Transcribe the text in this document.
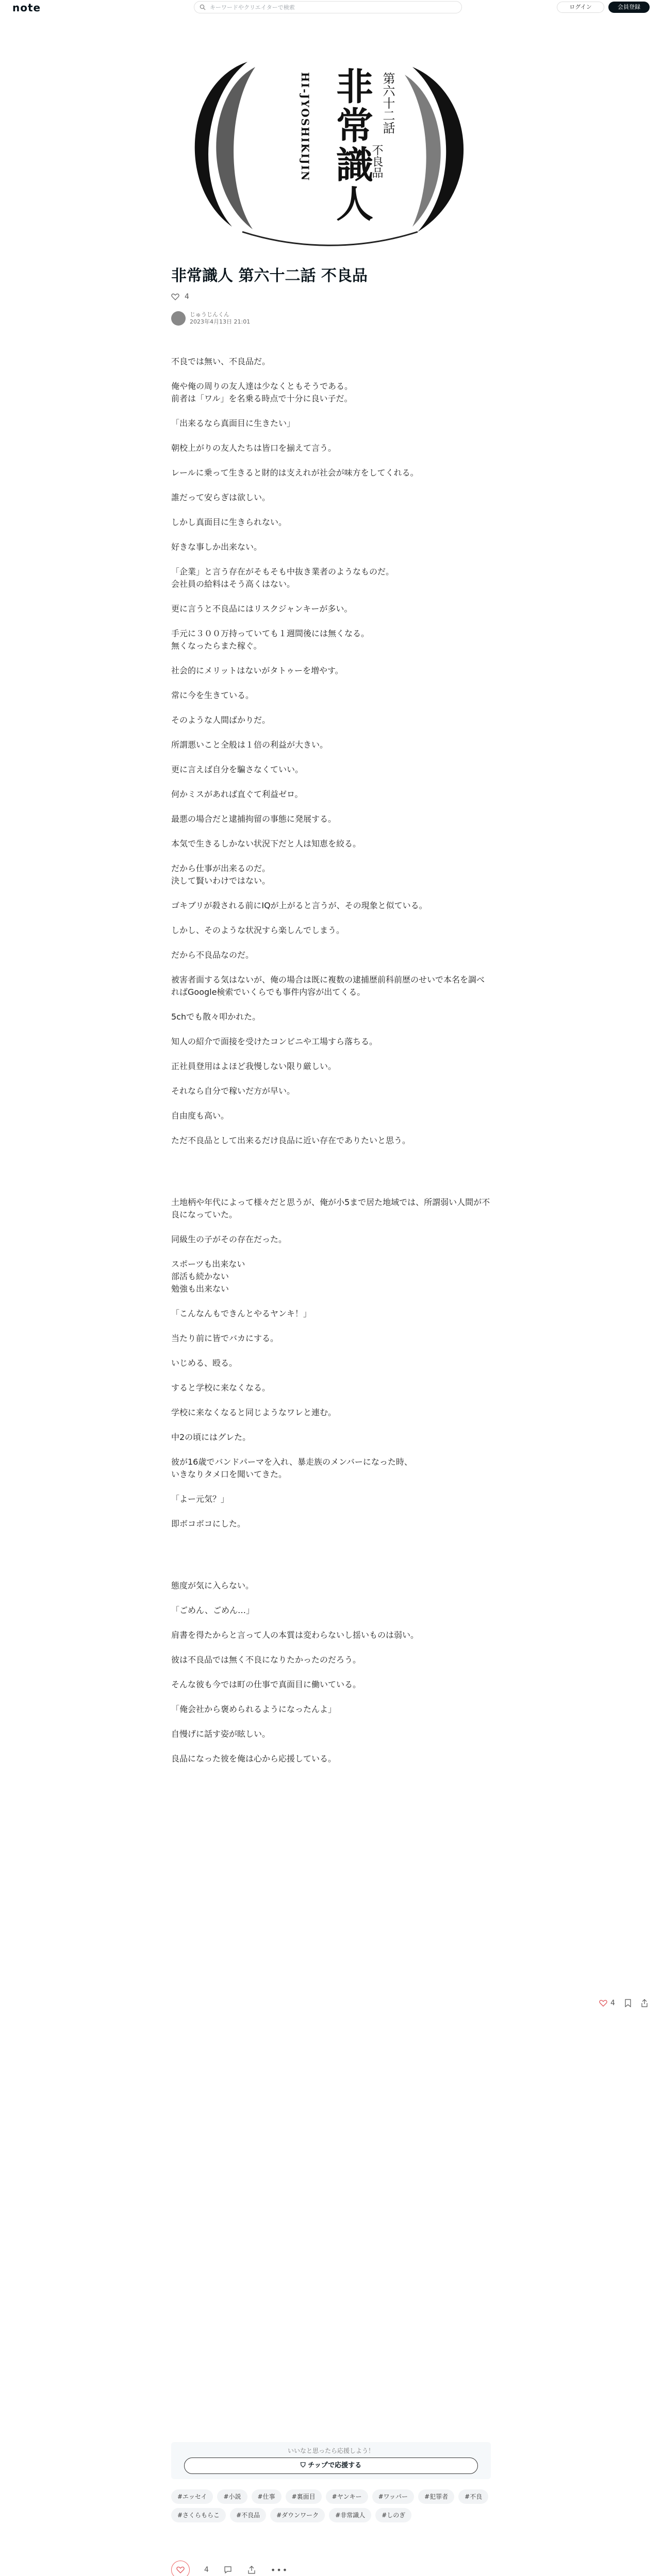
note	キーワードやクリエイターで検索	ログイン	会員登録
非常識人 第六十二話
不良品
HI-JYOSHIKIJIN
非常識人 第六十二話 不良品
4
じゅうじんくん
2023年4月13日 21:01

不良では無い、不良品だ。

俺や俺の周りの友人達は少なくともそうである。
前者は「ワル」を名乗る時点で十分に良い子だ。

「出来るなら真面目に生きたい」

朝校上がりの友人たちは皆口を揃えて言う。

レールに乗って生きると財的は支えれが社会が味方をしてくれる。

誰だって安らぎは欲しい。

しかし真面目に生きられない。

好きな事しか出来ない。

「企業」と言う存在がそもそも中抜き業者のようなものだ。
会社員の給料はそう高くはない。

更に言うと不良品にはリスクジャンキーが多い。

手元に３００万持っていても１週間後には無くなる。
無くなったらまた稼ぐ。

社会的にメリットはないがタトゥーを増やす。

常に今を生きている。

そのような人間ばかりだ。

所謂悪いこと全般は１倍の利益が大きい。

更に言えば自分を騙さなくていい。

何かミスがあれば直ぐて利益ゼロ。

最悪の場合だと逮捕拘留の事態に発展する。

本気で生きるしかない状況下だと人は知恵を絞る。

だから仕事が出来るのだ。
決して賢いわけではない。

ゴキブリが殺される前にIQが上がると言うが、その現象と似ている。

しかし、そのような状況すら楽しんでしまう。

だから不良品なのだ。

被害者面する気はないが、俺の場合は既に複数の逮捕歴前科前歴のせいで本名を調べればGoogle検索でいくらでも事件内容が出てくる。

5chでも散々叩かれた。

知人の紹介で面接を受けたコンビニや工場すら落ちる。

正社員登用はよほど我慢しない限り厳しい。

それなら自分で稼いだ方が早い。

自由度も高い。

ただ不良品として出来るだけ良品に近い存在でありたいと思う。

土地柄や年代によって様々だと思うが、俺が小5まで居た地域では、所謂弱い人間が不良になっていた。

同級生の子がその存在だった。

スポーツも出来ない
部活も続かない
勉強も出来ない

「こんなんもできんとやるヤンキ！」

当たり前に皆でバカにする。

いじめる、殴る。

すると学校に来なくなる。

学校に来なくなると同じようなワレと連む。

中2の頃にはグレた。

彼が16歳でバンドパーマを入れ、暴走族のメンバーになった時、
いきなりタメ口を聞いてきた。

「よー元気？」

即ボコボコにした。

態度が気に入らない。

「ごめん、ごめん…」

肩書を得たからと言って人の本質は変わらないし揺いものは弱い。

彼は不良品では無く不良になりたかったのだろう。

そんな彼も今では町の仕事で真面目に働いている。

「俺会社から褒められるようになったんよ」

自慢げに話す姿が眩しい。

良品になった彼を俺は心から応援している。

4
いいなと思ったら応援しよう！
⛉ チップで応援する
#エッセイ	#小説	#仕事	#裏面目	#ヤンキー	#ワッパー	#犯罪者	#不良
#さくらもらこ	#不良品	#ダウンワーク	#非常識人	#しのぎ
4	•••
